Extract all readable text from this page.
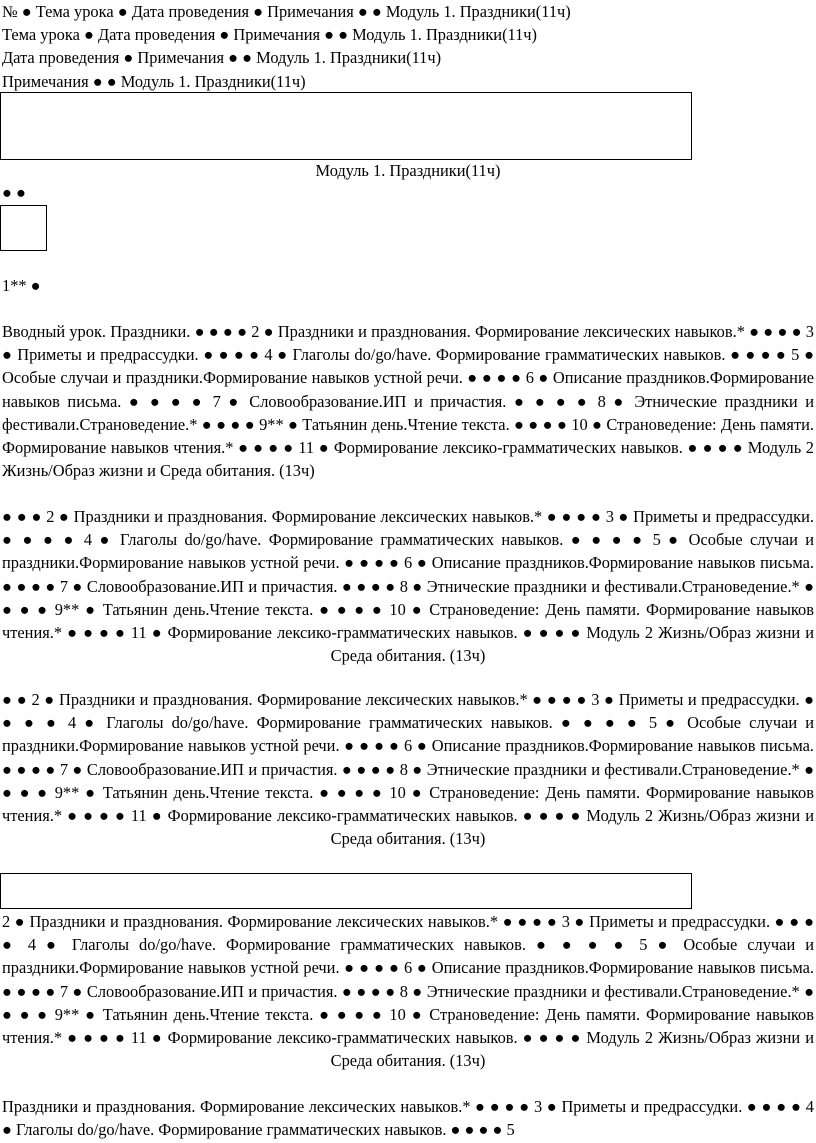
№ ● Тема урока ● Дата проведения ● Примечания ● ● Модуль 1. Праздники(11ч)
Тема урока ● Дата проведения ● Примечания ● ● Модуль 1. Праздники(11ч)
Дата проведения ● Примечания ● ● Модуль 1. Праздники(11ч)
Примечания ● ● Модуль 1. Праздники(11ч)
Модуль 1. Праздники(11ч)
● ●
1** ●
Вводный урок. Праздники. ● ● ● ● 2 ● Праздники и празднования. Формирование лексических навыков.* ● ● ● ● 3 ● Приметы и предрассудки. ● ● ● ● 4 ● Глаголы do/go/have. Формирование грамматических навыков. ● ● ● ● 5 ● Особые случаи и праздники.Формирование навыков устной речи. ● ● ● ● 6 ● Описание праздников.Формирование навыков письма. ● ● ● ● 7 ● Словообразование.ИП и причастия. ● ● ● ● 8 ● Этнические праздники и фестивали.Страноведение.* ● ● ● ● 9** ● Татьянин день.Чтение текста. ● ● ● ● 10 ● Страноведение: День памяти. Формирование навыков чтения.* ● ● ● ● 11 ● Формирование лексико-грамматических навыков. ● ● ● ● Модуль 2 Жизнь/Образ жизни и Среда обитания. (13ч)
● ● ● 2 ● Праздники и празднования. Формирование лексических навыков.* ● ● ● ● 3 ● Приметы и предрассудки. ● ● ● ● 4 ● Глаголы do/go/have. Формирование грамматических навыков. ● ● ● ● 5 ● Особые случаи и праздники.Формирование навыков устной речи. ● ● ● ● 6 ● Описание праздников.Формирование навыков письма. ● ● ● ● 7 ● Словообразование.ИП и причастия. ● ● ● ● 8 ● Этнические праздники и фестивали.Страноведение.* ● ● ● ● 9** ● Татьянин день.Чтение текста. ● ● ● ● 10 ● Страноведение: День памяти. Формирование навыков чтения.* ● ● ● ● 11 ● Формирование лексико-грамматических навыков. ● ● ● ● Модуль 2 Жизнь/Образ жизни и Среда обитания. (13ч)
● ● 2 ● Праздники и празднования. Формирование лексических навыков.* ● ● ● ● 3 ● Приметы и предрассудки. ● ● ● ● 4 ● Глаголы do/go/have. Формирование грамматических навыков. ● ● ● ● 5 ● Особые случаи и праздники.Формирование навыков устной речи. ● ● ● ● 6 ● Описание праздников.Формирование навыков письма. ● ● ● ● 7 ● Словообразование.ИП и причастия. ● ● ● ● 8 ● Этнические праздники и фестивали.Страноведение.* ● ● ● ● 9** ● Татьянин день.Чтение текста. ● ● ● ● 10 ● Страноведение: День памяти. Формирование навыков чтения.* ● ● ● ● 11 ● Формирование лексико-грамматических навыков. ● ● ● ● Модуль 2 Жизнь/Образ жизни и Среда обитания. (13ч)
2 ● Праздники и празднования. Формирование лексических навыков.* ● ● ● ● 3 ● Приметы и предрассудки. ● ● ● ● 4 ● Глаголы do/go/have. Формирование грамматических навыков. ● ● ● ● 5 ● Особые случаи и праздники.Формирование навыков устной речи. ● ● ● ● 6 ● Описание праздников.Формирование навыков письма. ● ● ● ● 7 ● Словообразование.ИП и причастия. ● ● ● ● 8 ● Этнические праздники и фестивали.Страноведение.* ● ● ● ● 9** ● Татьянин день.Чтение текста. ● ● ● ● 10 ● Страноведение: День памяти. Формирование навыков чтения.* ● ● ● ● 11 ● Формирование лексико-грамматических навыков. ● ● ● ● Модуль 2 Жизнь/Образ жизни и Среда обитания. (13ч)
Праздники и празднования. Формирование лексических навыков.* ● ● ● ● 3 ● Приметы и предрассудки. ● ● ● ● 4 ● Глаголы do/go/have. Формирование грамматических навыков. ● ● ● ● 5
